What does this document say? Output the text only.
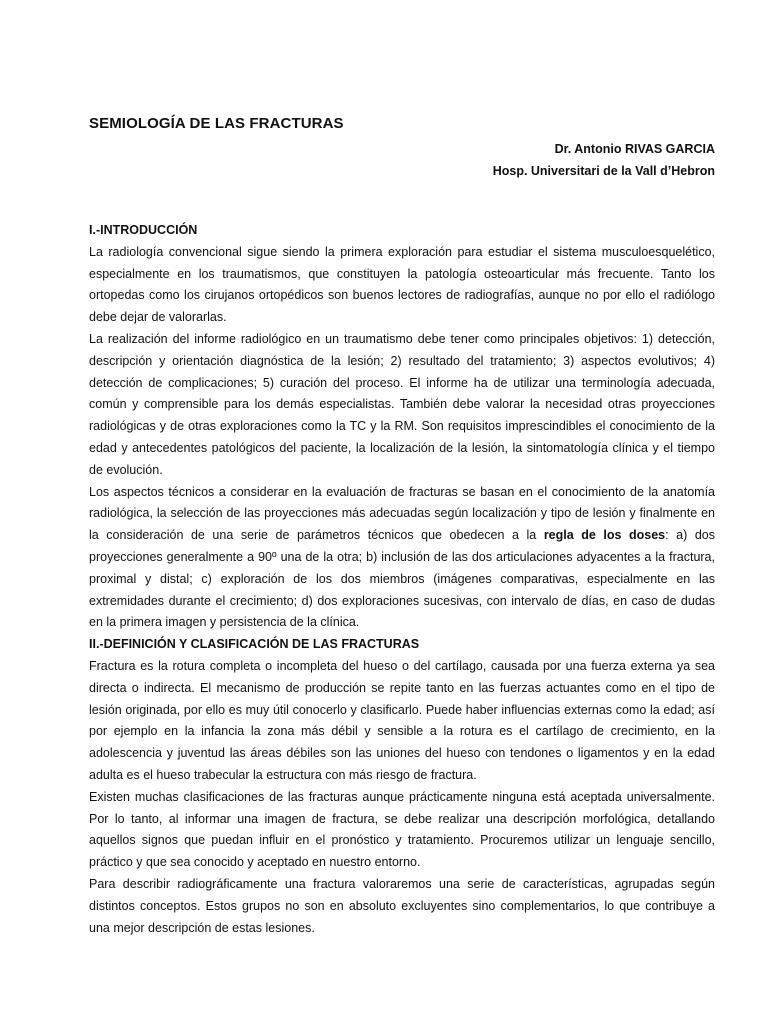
SEMIOLOGÍA DE LAS FRACTURAS
Dr. Antonio RIVAS GARCIA
Hosp. Universitari de la Vall d’Hebron
I.-INTRODUCCIÓN

La radiología convencional sigue siendo la primera exploración para estudiar el sistema musculoesquelético, especialmente en los traumatismos, que constituyen la patología osteoarticular más frecuente. Tanto los ortopedas como los cirujanos ortopédicos son buenos lectores de radiografías, aunque no por ello el radiólogo debe dejar de valorarlas.

La realización del informe radiológico en un traumatismo debe tener como principales objetivos: 1) detección, descripción y orientación diagnóstica de la lesión; 2) resultado del tratamiento; 3) aspectos evolutivos; 4) detección de complicaciones; 5) curación del proceso. El informe ha de utilizar una terminología adecuada, común y comprensible para los demás especialistas. También debe valorar la necesidad otras proyecciones radiológicas y de otras exploraciones como la TC y la RM. Son requisitos imprescindibles el conocimiento de la edad y antecedentes patológicos del paciente, la localización de la lesión, la sintomatología clínica y el tiempo de evolución.

Los aspectos técnicos a considerar en la evaluación de fracturas se basan en el conocimiento de la anatomía radiológica, la selección de las proyecciones más adecuadas según localización y tipo de lesión y finalmente en la consideración de una serie de parámetros técnicos que obedecen a la regla de los doses: a) dos proyecciones generalmente a 90º una de la otra; b) inclusión de las dos articulaciones adyacentes a la fractura, proximal y distal; c) exploración de los dos miembros (imágenes comparativas, especialmente en las extremidades durante el crecimiento; d) dos exploraciones sucesivas, con intervalo de días, en caso de dudas en la primera imagen y persistencia de la clínica.

II.-DEFINICIÓN Y CLASIFICACIÓN DE LAS FRACTURAS

Fractura es la rotura completa o incompleta del hueso o del cartílago, causada por una fuerza externa ya sea directa o indirecta. El mecanismo de producción se repite tanto en las fuerzas actuantes como en el tipo de lesión originada, por ello es muy útil conocerlo y clasificarlo. Puede haber influencias externas como la edad; así por ejemplo en la infancia la zona más débil y sensible a la rotura es el cartílago de crecimiento, en la adolescencia y juventud las áreas débiles son las uniones del hueso con tendones o ligamentos y en la edad adulta es el hueso trabecular la estructura con más riesgo de fractura.

Existen muchas clasificaciones de las fracturas aunque prácticamente ninguna está aceptada universalmente. Por lo tanto, al informar una imagen de fractura, se debe realizar una descripción morfológica, detallando aquellos signos que puedan influir en el pronóstico y tratamiento. Procuremos utilizar un lenguaje sencillo, práctico y que sea conocido y aceptado en nuestro entorno.

Para describir radiográficamente una fractura valoraremos una serie de características, agrupadas según distintos conceptos. Estos grupos no son en absoluto excluyentes sino complementarios, lo que contribuye a una mejor descripción de estas lesiones.
